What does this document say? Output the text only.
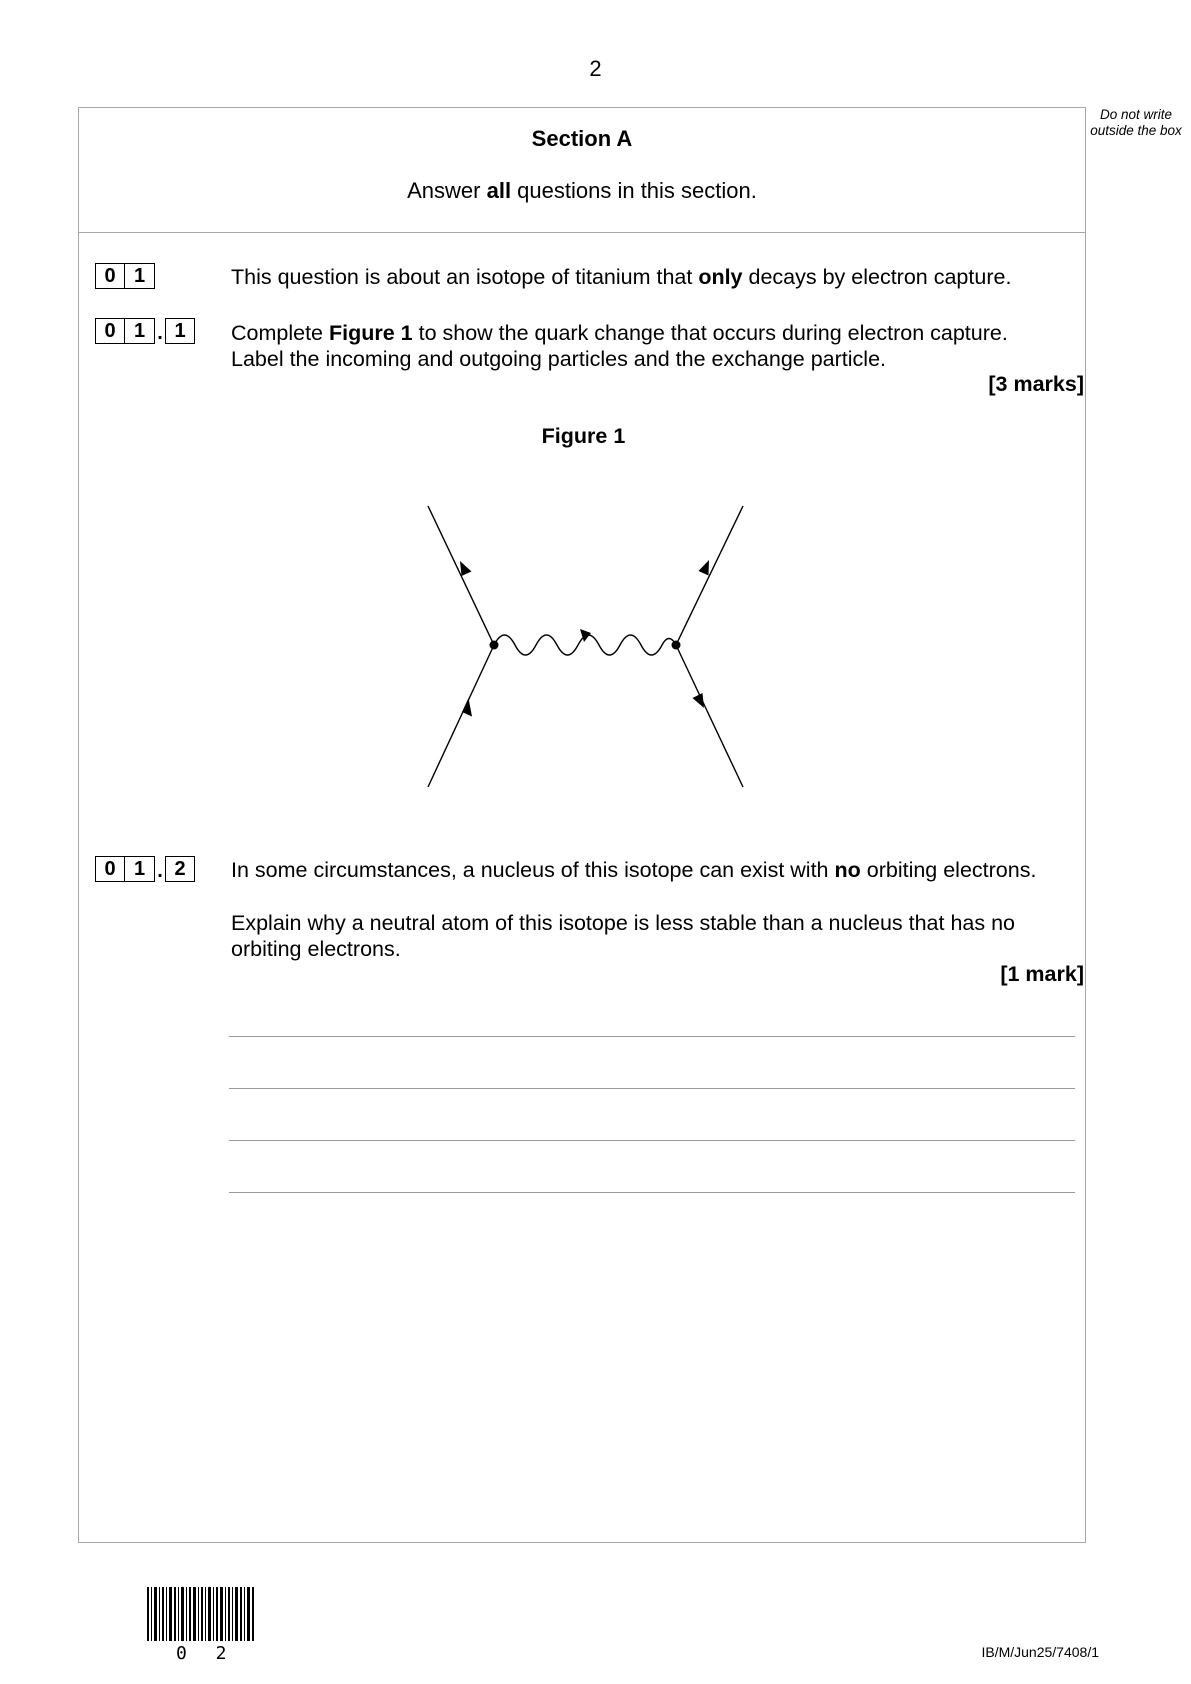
2
Do not write outside the box
Section A
Answer all questions in this section.
0 1	This question is about an isotope of titanium that only decays by electron capture.
0 1 . 1	Complete Figure 1 to show the quark change that occurs during electron capture.
Label the incoming and outgoing particles and the exchange particle.
[3 marks]
Figure 1
0 1 . 2	In some circumstances, a nucleus of this isotope can exist with no orbiting electrons.
Explain why a neutral atom of this isotope is less stable than a nucleus that has no orbiting electrons.
[1 mark]
0 2	IB/M/Jun25/7408/1
